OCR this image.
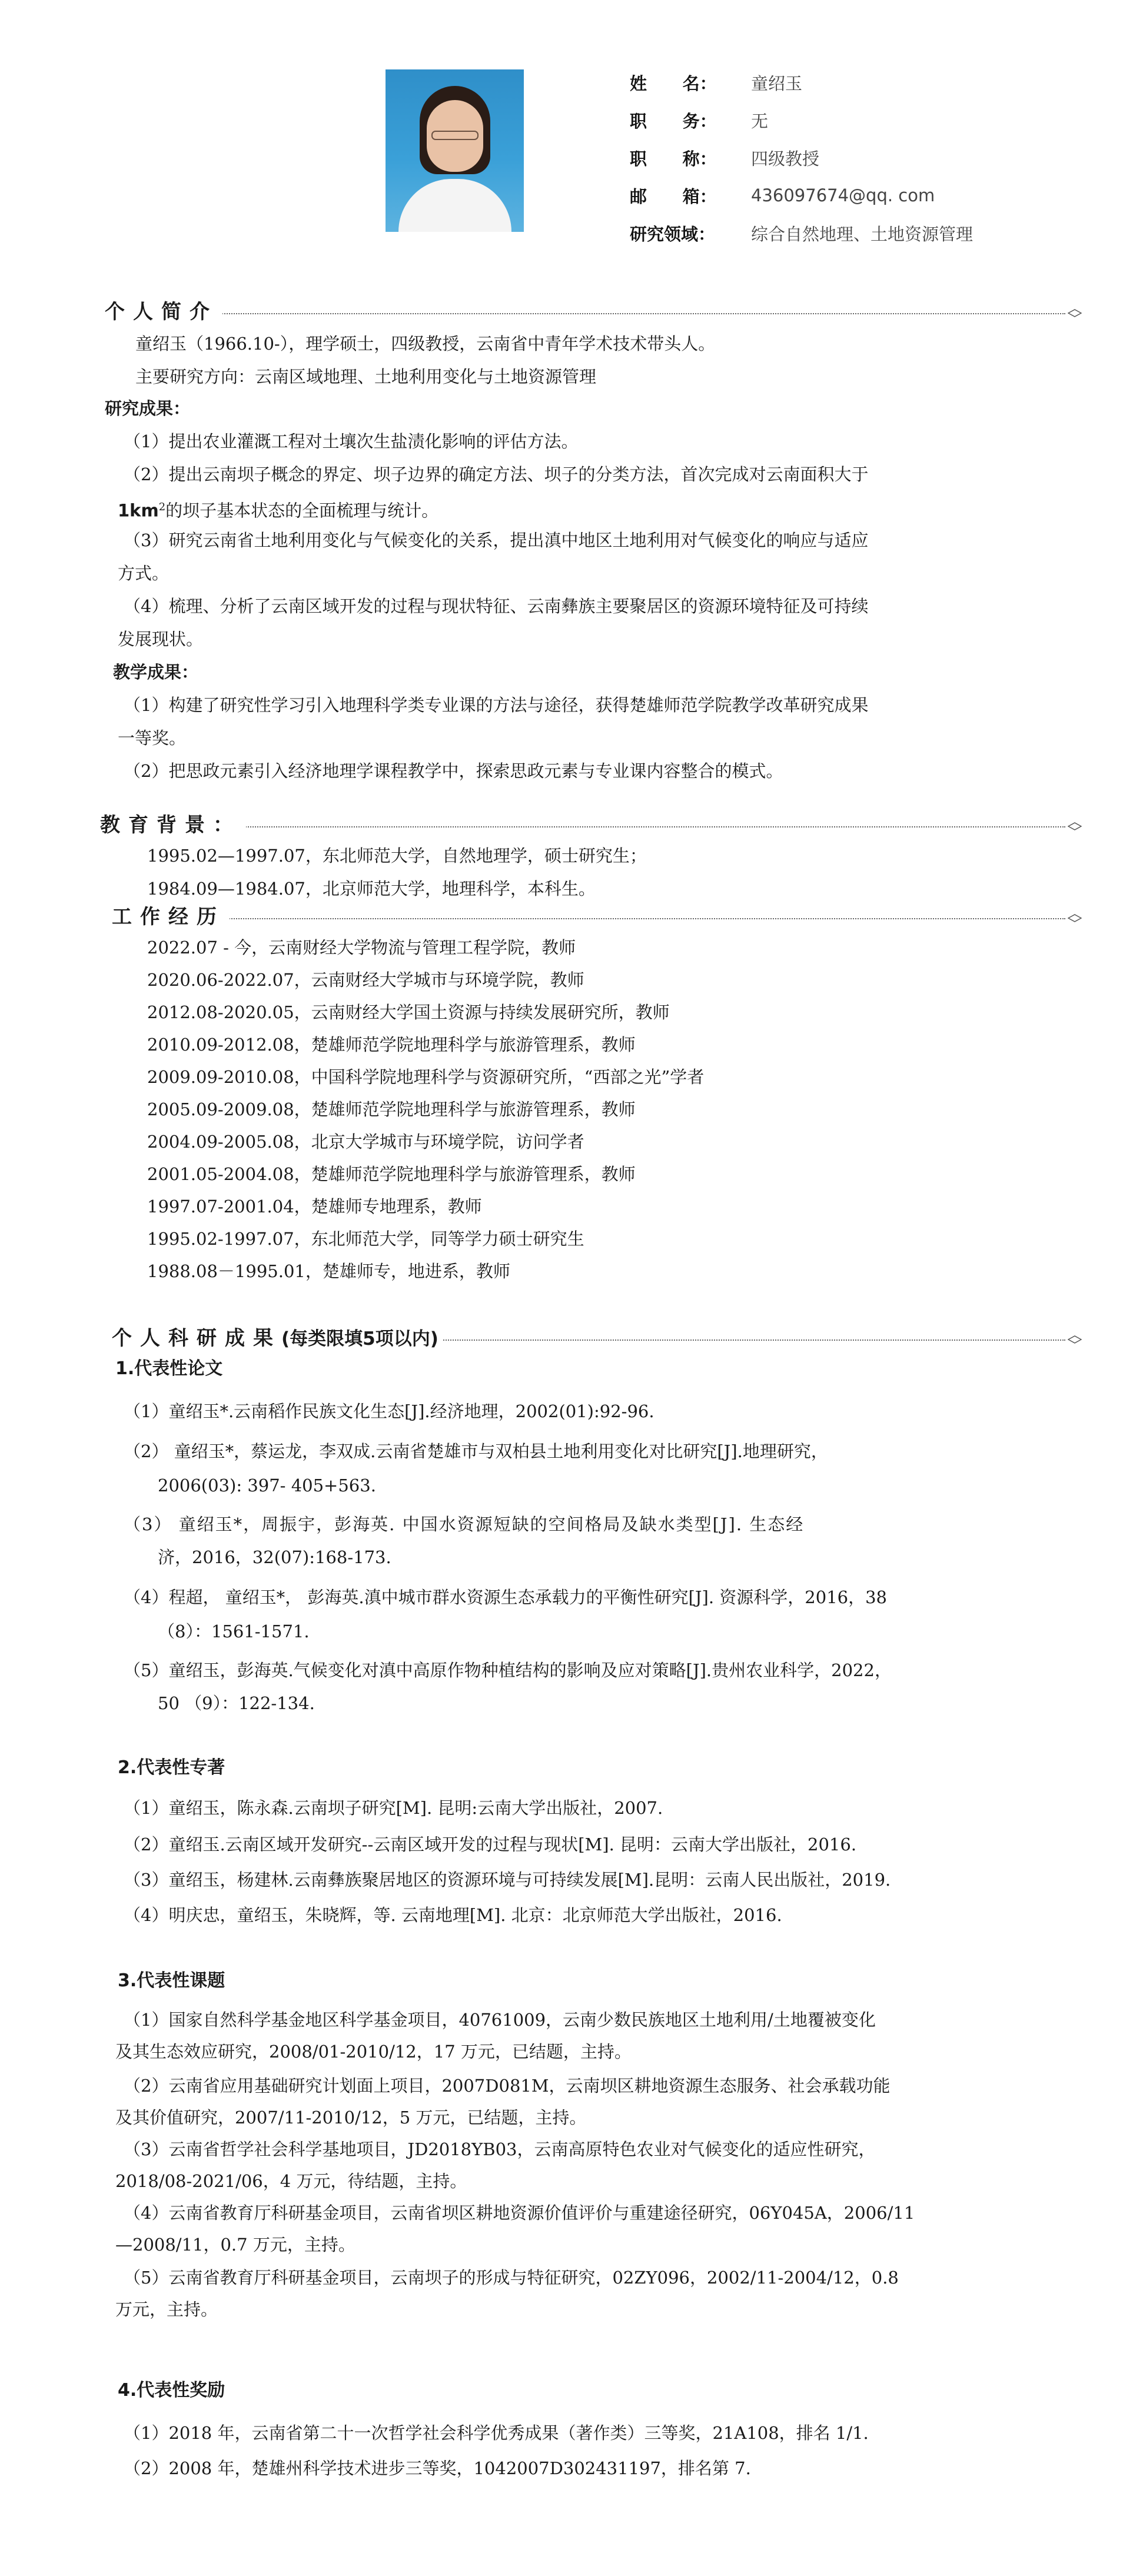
姓      名：	童绍玉
职      务：	无
职      称：	四级教授
邮      箱：	436097674@qq. com
研究领域：	综合自然地理、土地资源管理
个人简介
童绍玉（1966.10-），理学硕士，四级教授，云南省中青年学术技术带头人。
主要研究方向：云南区域地理、土地利用变化与土地资源管理
研究成果：
（1）提出农业灌溉工程对土壤次生盐渍化影响的评估方法。
（2）提出云南坝子概念的界定、坝子边界的确定方法、坝子的分类方法，首次完成对云南面积大于
$1km^2$的坝子基本状态的全面梳理与统计。
（3）研究云南省土地利用变化与气候变化的关系，提出滇中地区土地利用对气候变化的响应与适应
方式。
（4）梳理、分析了云南区域开发的过程与现状特征、云南彝族主要聚居区的资源环境特征及可持续
发展现状。
教学成果：
（1）构建了研究性学习引入地理科学类专业课的方法与途径，获得楚雄师范学院教学改革研究成果
一等奖。
（2）把思政元素引入经济地理学课程教学中，探索思政元素与专业课内容整合的模式。
教育背景：
1995.02—1997.07，东北师范大学，自然地理学，硕士研究生；
1984.09—1984.07，北京师范大学，地理科学，本科生。
工作经历
2022.07 - 今，云南财经大学物流与管理工程学院，教师
2020.06-2022.07，云南财经大学城市与环境学院，教师
2012.08-2020.05，云南财经大学国土资源与持续发展研究所，教师
2010.09-2012.08，楚雄师范学院地理科学与旅游管理系，教师
2009.09-2010.08，中国科学院地理科学与资源研究所，“西部之光”学者
2005.09-2009.08，楚雄师范学院地理科学与旅游管理系，教师
2004.09-2005.08，北京大学城市与环境学院，访问学者
2001.05-2004.08，楚雄师范学院地理科学与旅游管理系，教师
1997.07-2001.04，楚雄师专地理系，教师
1995.02-1997.07，东北师范大学，同等学力硕士研究生
1988.08－1995.01，楚雄师专，地进系，教师
个人科研成果(每类限填5项以内)
1.代表性论文
（1）童绍玉*.云南稻作民族文化生态[J].经济地理，2002(01):92-96.
（2） 童绍玉*，蔡运龙，李双成.云南省楚雄市与双柏县土地利用变化对比研究[J].地理研究，
2006(03): 397- 405+563.
（3） 童绍玉*，周振宇，彭海英. 中国水资源短缺的空间格局及缺水类型[J]. 生态经
济，2016，32(07):168-173.
（4）程超， 童绍玉*， 彭海英.滇中城市群水资源生态承载力的平衡性研究[J]. 资源科学，2016，38
（8）：1561-1571.
（5）童绍玉，彭海英.气候变化对滇中高原作物种植结构的影响及应对策略[J].贵州农业科学，2022，
50 （9）：122-134.
2.代表性专著
（1）童绍玉，陈永森.云南坝子研究[M]. 昆明:云南大学出版社，2007.
（2）童绍玉.云南区域开发研究--云南区域开发的过程与现状[M]. 昆明：云南大学出版社，2016.
（3）童绍玉，杨建林.云南彝族聚居地区的资源环境与可持续发展[M].昆明：云南人民出版社，2019.
（4）明庆忠，童绍玉，朱晓辉，等. 云南地理[M]. 北京：北京师范大学出版社，2016.
3.代表性课题
（1）国家自然科学基金地区科学基金项目，40761009，云南少数民族地区土地利用/土地覆被变化
及其生态效应研究，2008/01-2010/12，17 万元，已结题，主持。
（2）云南省应用基础研究计划面上项目，2007D081M，云南坝区耕地资源生态服务、社会承载功能
及其价值研究，2007/11-2010/12，5 万元，已结题，主持。
（3）云南省哲学社会科学基地项目，JD2018YB03，云南高原特色农业对气候变化的适应性研究，
2018/08-2021/06，4 万元，待结题，主持。
（4）云南省教育厅科研基金项目，云南省坝区耕地资源价值评价与重建途径研究，06Y045A，2006/11
—2008/11，0.7 万元，主持。
（5）云南省教育厅科研基金项目，云南坝子的形成与特征研究，02ZY096，2002/11-2004/12，0.8
万元，主持。
4.代表性奖励
（1）2018 年，云南省第二十一次哲学社会科学优秀成果（著作类）三等奖，21A108，排名 1/1.
（2）2008 年，楚雄州科学技术进步三等奖，1042007D302431197，排名第 7.
